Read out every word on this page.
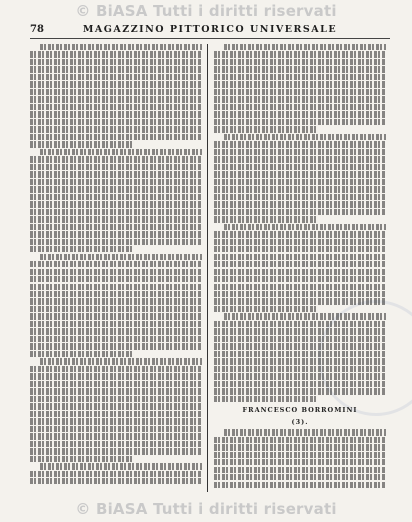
© BiASA Tutti i diritti riservati
78	MAGAZZINO PITTORICO UNIVERSALE
FRANCESCO BORROMINI
(3).
© BiASA Tutti i diritti riservati
